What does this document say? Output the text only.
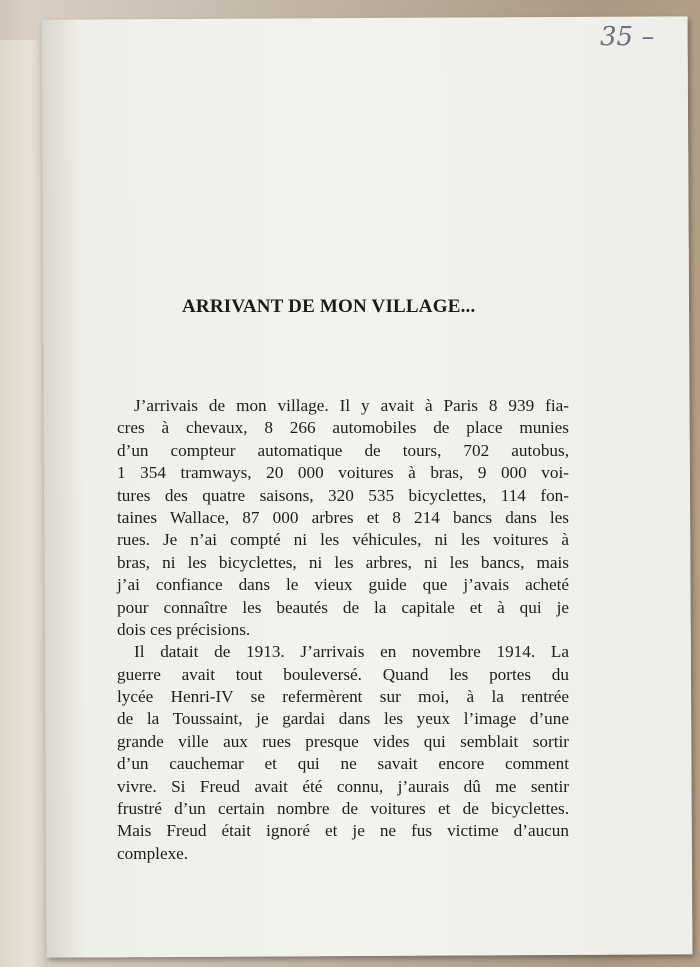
35 –
ARRIVANT DE MON VILLAGE...
J’arrivais de mon village. Il y avait à Paris 8 939 fia-
cres à chevaux, 8 266 automobiles de place munies
d’un compteur automatique de tours, 702 autobus,
1 354 tramways, 20 000 voitures à bras, 9 000 voi-
tures des quatre saisons, 320 535 bicyclettes, 114 fon-
taines Wallace, 87 000 arbres et 8 214 bancs dans les
rues. Je n’ai compté ni les véhicules, ni les voitures à
bras, ni les bicyclettes, ni les arbres, ni les bancs, mais
j’ai confiance dans le vieux guide que j’avais acheté
pour connaître les beautés de la capitale et à qui je
dois ces précisions.
Il datait de 1913. J’arrivais en novembre 1914. La
guerre avait tout bouleversé. Quand les portes du
lycée Henri-IV se refermèrent sur moi, à la rentrée
de la Toussaint, je gardai dans les yeux l’image d’une
grande ville aux rues presque vides qui semblait sortir
d’un cauchemar et qui ne savait encore comment
vivre. Si Freud avait été connu, j’aurais dû me sentir
frustré d’un certain nombre de voitures et de bicyclettes.
Mais Freud était ignoré et je ne fus victime d’aucun
complexe.
